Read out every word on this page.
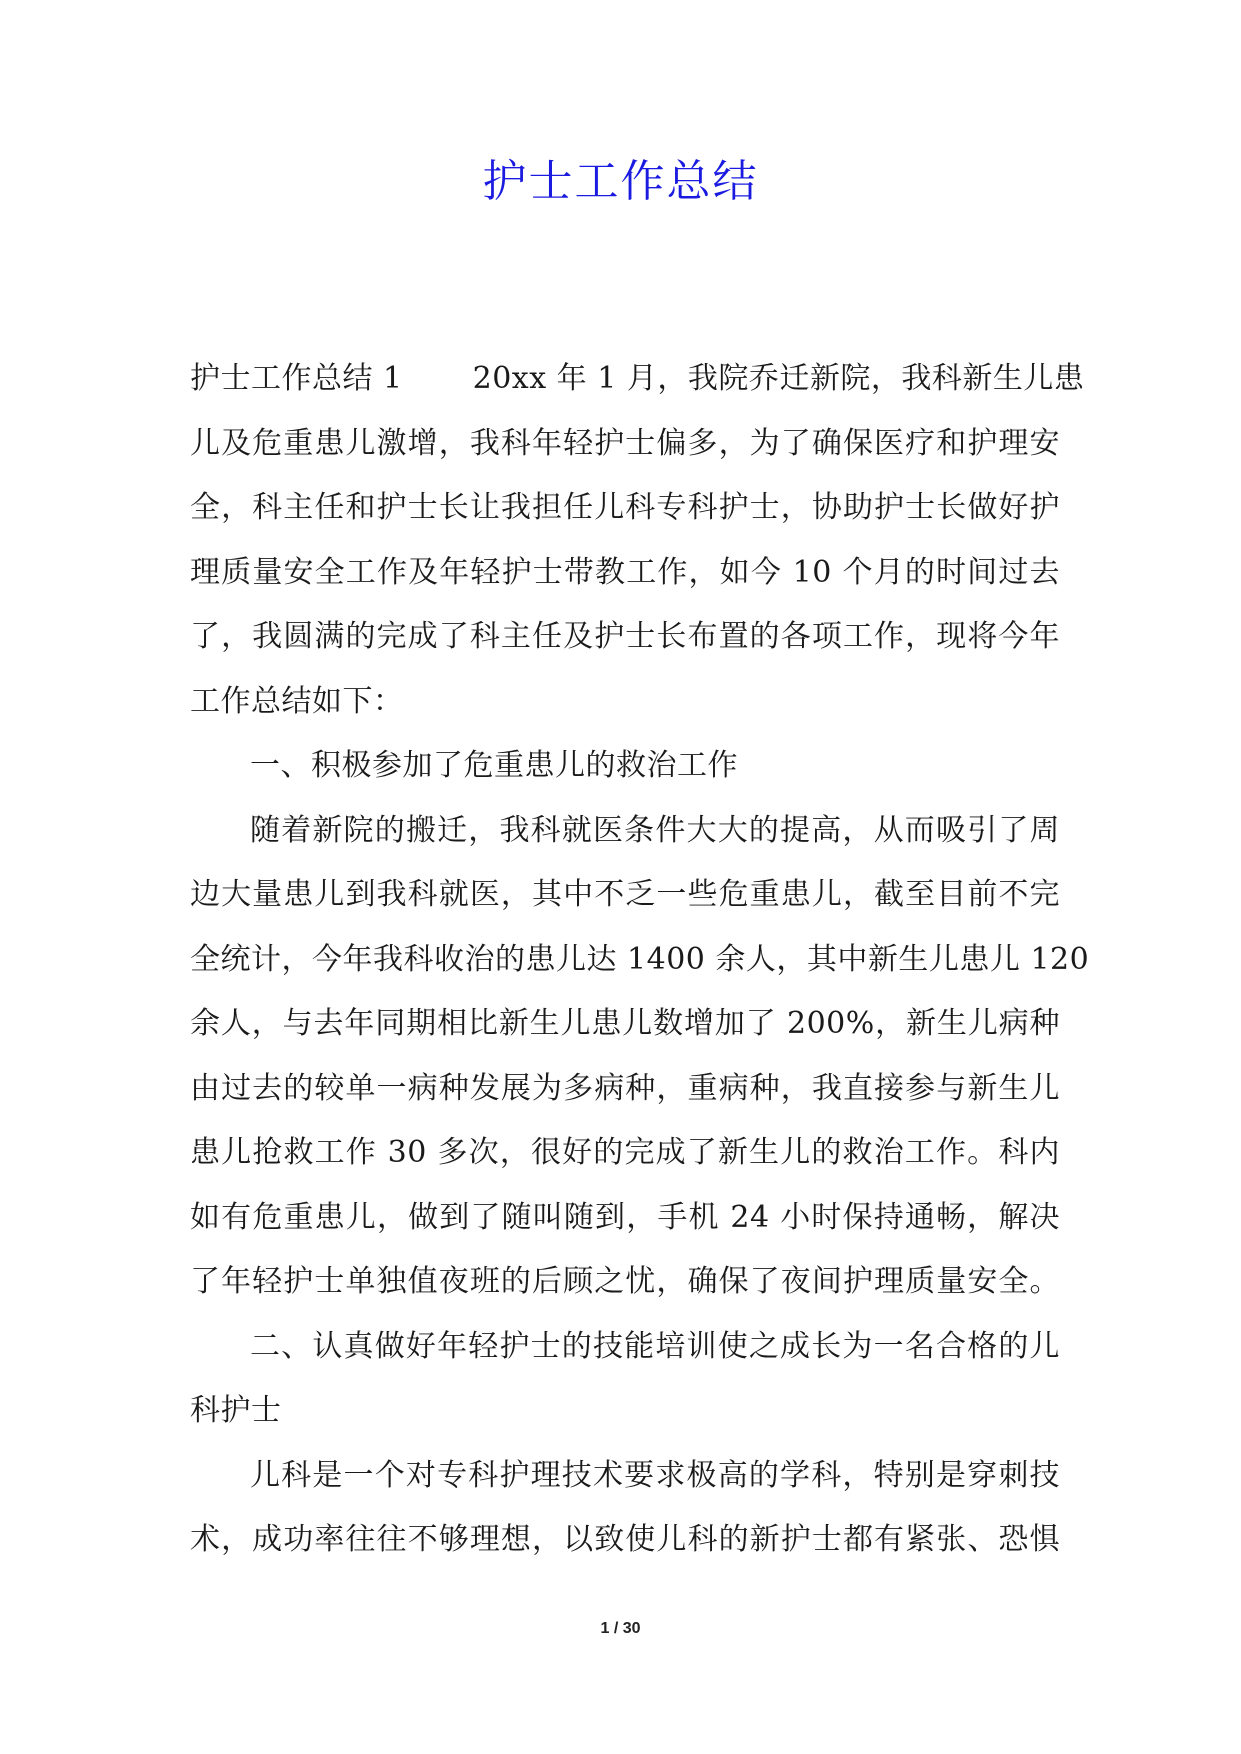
护士工作总结
护士工作总结 1 20xx 年 1 月，我院乔迁新院，我科新生儿患
儿及危重患儿激增，我科年轻护士偏多，为了确保医疗和护理安
全，科主任和护士长让我担任儿科专科护士，协助护士长做好护
理质量安全工作及年轻护士带教工作，如今 10 个月的时间过去
了，我圆满的完成了科主任及护士长布置的各项工作，现将今年
工作总结如下：
一、积极参加了危重患儿的救治工作
随着新院的搬迁，我科就医条件大大的提高，从而吸引了周
边大量患儿到我科就医，其中不乏一些危重患儿，截至目前不完
全统计，今年我科收治的患儿达 1400 余人，其中新生儿患儿 120
余人，与去年同期相比新生儿患儿数增加了 200%，新生儿病种
由过去的较单一病种发展为多病种，重病种，我直接参与新生儿
患儿抢救工作 30 多次，很好的完成了新生儿的救治工作。科内
如有危重患儿，做到了随叫随到，手机 24 小时保持通畅，解决
了年轻护士单独值夜班的后顾之忧，确保了夜间护理质量安全。
二、认真做好年轻护士的技能培训使之成长为一名合格的儿
科护士
儿科是一个对专科护理技术要求极高的学科，特别是穿刺技
术，成功率往往不够理想，以致使儿科的新护士都有紧张、恐惧
1 / 30
